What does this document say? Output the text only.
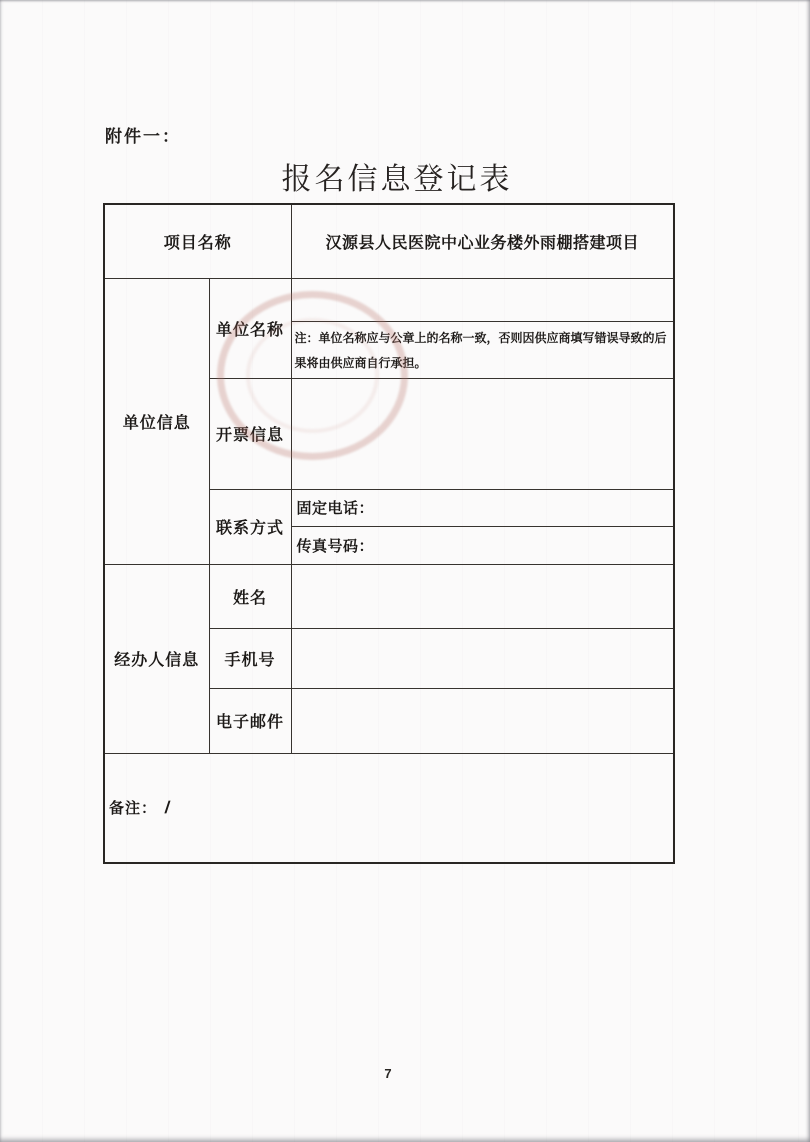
附件一：
报名信息登记表
项目名称		汉源县人民医院中心业务楼外雨棚搭建项目
单位信息	单位名称	
		注：单位名称应与公章上的名称一致，否则因供应商填写错误导致的后果将由供应商自行承担。
	开票信息	
	联系方式	固定电话：
		传真号码：
经办人信息	姓名	
	手机号	
	电子邮件	
备注： /		
7
